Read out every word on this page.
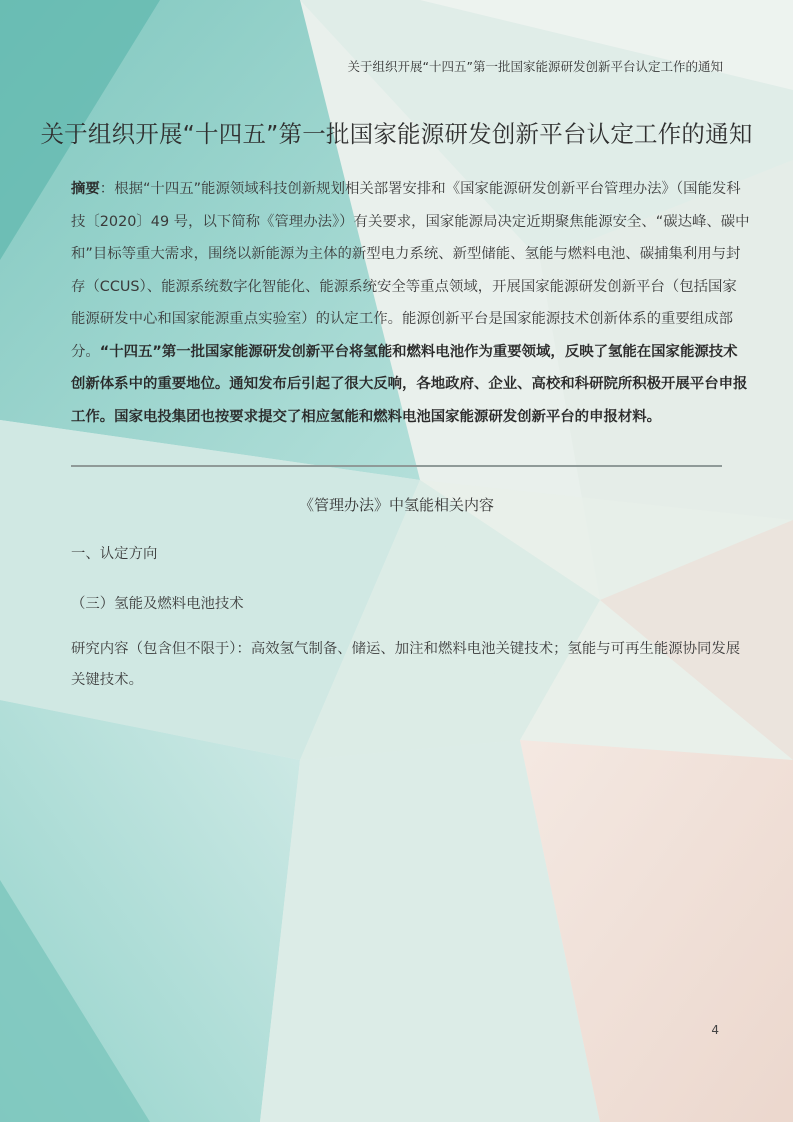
关于组织开展“十四五”第一批国家能源研发创新平台认定工作的通知
关于组织开展“十四五”第一批国家能源研发创新平台认定工作的通知
摘要：根据“十四五”能源领域科技创新规划相关部署安排和《国家能源研发创新平台管理办法》（国能发科
技〔2020〕49 号，以下简称《管理办法》）有关要求，国家能源局决定近期聚焦能源安全、“碳达峰、碳中
和”目标等重大需求，围绕以新能源为主体的新型电力系统、新型储能、氢能与燃料电池、碳捕集利用与封
存（CCUS）、能源系统数字化智能化、能源系统安全等重点领域，开展国家能源研发创新平台（包括国家
能源研发中心和国家能源重点实验室）的认定工作。能源创新平台是国家能源技术创新体系的重要组成部
分。“十四五”第一批国家能源研发创新平台将氢能和燃料电池作为重要领域，反映了氢能在国家能源技术
创新体系中的重要地位。通知发布后引起了很大反响，各地政府、企业、高校和科研院所积极开展平台申报
工作。国家电投集团也按要求提交了相应氢能和燃料电池国家能源研发创新平台的申报材料。
《管理办法》中氢能相关内容
一、认定方向
（三）氢能及燃料电池技术
研究内容（包含但不限于）：高效氢气制备、储运、加注和燃料电池关键技术；氢能与可再生能源协同发展
关键技术。
4
